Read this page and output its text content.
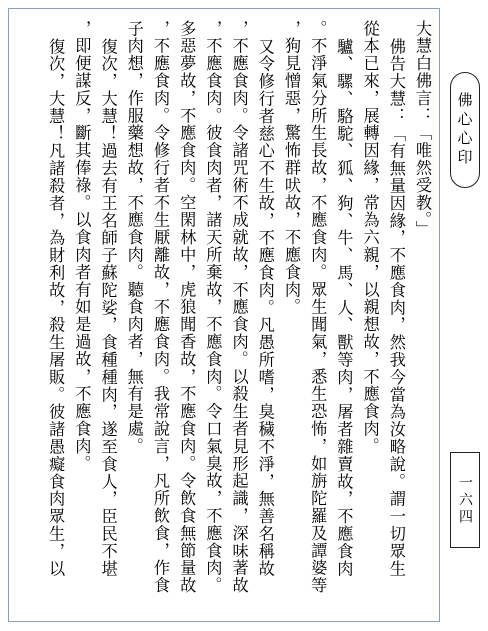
大慧白佛言：「唯然受教。」
佛告大慧：「有無量因緣，不應食肉，然我今當為汝略說。謂一切眾生
從本已來，展轉因緣，常為六親，以親想故，不應食肉。
驢、騾、駱駝、狐、狗、牛、馬、人、獸等肉，屠者雜賣故，不應食肉
。不淨氣分所生長故，不應食肉。眾生聞氣，悉生恐怖，如旃陀羅及譚婆等
，狗見憎惡，驚怖群吠故，不應食肉。
又令修行者慈心不生故，不應食肉。凡愚所嗜，臭穢不淨，無善名稱故
，不應食肉。令諸咒術不成就故，不應食肉。以殺生者見形起識，深味著故
，不應食肉。彼食肉者，諸天所棄故，不應食肉。令口氣臭故，不應食肉。
多惡夢故，不應食肉。空閑林中，虎狼聞香故，不應食肉。令飲食無節量故
，不應食肉。令修行者不生厭離故，不應食肉。我常說言，凡所飲食，作食
子肉想，作服藥想故，不應食肉。聽食肉者，無有是處。
復次，大慧！過去有王名師子蘇陀娑，食種種肉，遂至食人，臣民不堪
，即便謀反，斷其俸祿。以食肉者有如是過故，不應食肉。
復次，大慧！凡諸殺者，為財利故，殺生屠販。彼諸愚癡食肉眾生，以	佛心心印
一六四
